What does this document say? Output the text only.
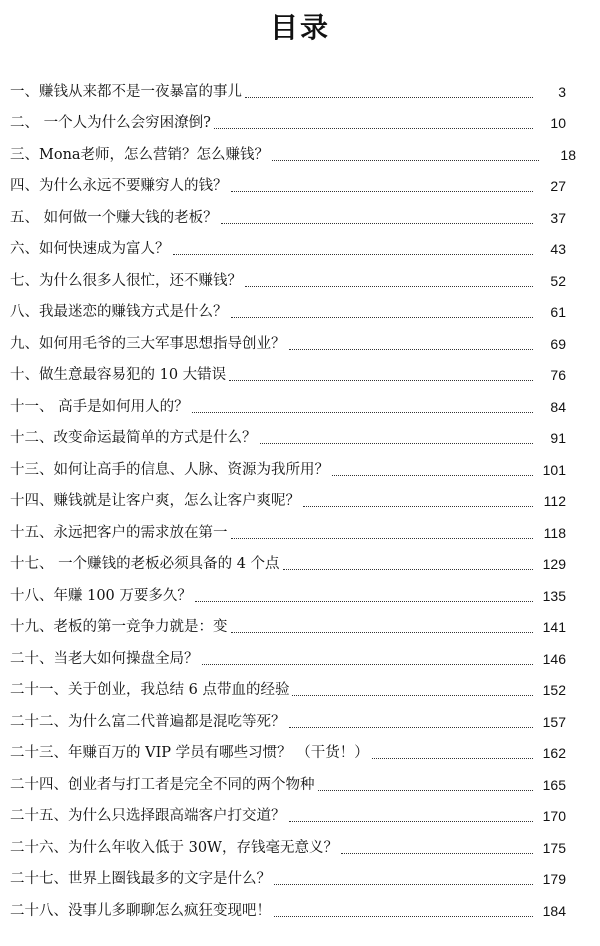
目录
一、赚钱从来都不是一夜暴富的事儿	3
二、 一个人为什么会穷困潦倒?	10
三、Mona老师，怎么营销？怎么赚钱？	18
四、为什么永远不要赚穷人的钱？	27
五、 如何做一个赚大钱的老板？	37
六、如何快速成为富人？	43
七、为什么很多人很忙，还不赚钱？	52
八、我最迷恋的赚钱方式是什么？	61
九、如何用毛爷的三大军事思想指导创业？	69
十、做生意最容易犯的 10 大错误	76
十一、 高手是如何用人的？	84
十二、改变命运最简单的方式是什么？	91
十三、如何让高手的信息、人脉、资源为我所用？	101
十四、赚钱就是让客户爽，怎么让客户爽呢？	112
十五、永远把客户的需求放在第一	118
十七、 一个赚钱的老板必须具备的 4 个点	129
十八、年赚 100 万要多久？	135
十九、老板的第一竞争力就是：变	141
二十、当老大如何操盘全局？	146
二十一、关于创业，我总结 6 点带血的经验	152
二十二、为什么富二代普遍都是混吃等死？	157
二十三、年赚百万的 VIP 学员有哪些习惯？ （干货！）	162
二十四、创业者与打工者是完全不同的两个物种	165
二十五、为什么只选择跟高端客户打交道？	170
二十六、为什么年收入低于 30W，存钱毫无意义？	175
二十七、世界上圈钱最多的文字是什么？	179
二十八、没事儿多聊聊怎么疯狂变现吧！	184
